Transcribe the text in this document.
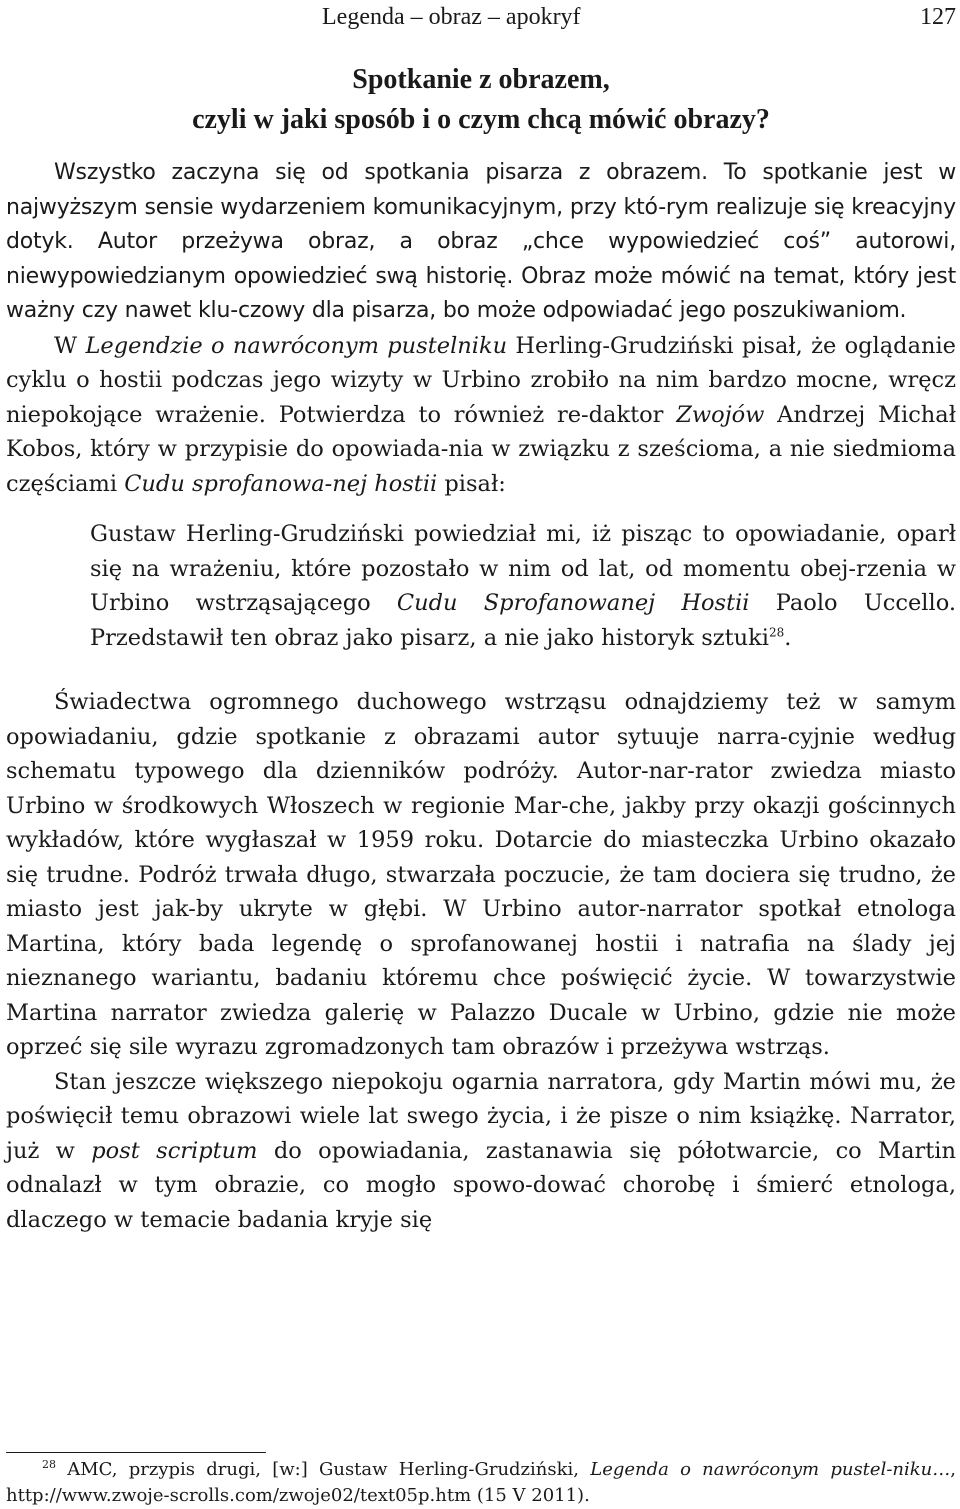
Legenda – obraz – apokryf	127
Spotkanie z obrazem,
czyli w jaki sposób i o czym chcą mówić obrazy?

Wszystko zaczyna się od spotkania pisarza z obrazem. To spotkanie jest w najwyższym sensie wydarzeniem komunikacyjnym, przy któ-rym realizuje się kreacyjny dotyk. Autor przeżywa obraz, a obraz „chce wypowiedzieć coś” autorowi, niewypowiedzianym opowiedzieć swą historię. Obraz może mówić na temat, który jest ważny czy nawet klu-czowy dla pisarza, bo może odpowiadać jego poszukiwaniom.

W Legendzie o nawróconym pustelniku Herling-Grudziński pisał, że oglądanie cyklu o hostii podczas jego wizyty w Urbino zrobiło na nim bardzo mocne, wręcz niepokojące wrażenie. Potwierdza to również re-daktor Zwojów Andrzej Michał Kobos, który w przypisie do opowiada-nia w związku z sześcioma, a nie siedmioma częściami Cudu sprofanowa-nej hostii pisał:

Gustaw Herling-Grudziński powiedział mi, iż pisząc to opowiadanie, oparł się na wrażeniu, które pozostało w nim od lat, od momentu obej-rzenia w Urbino wstrząsającego Cudu Sprofanowanej Hostii Paolo Uccello. Przedstawił ten obraz jako pisarz, a nie jako historyk sztuki$^{28}$.

Świadectwa ogromnego duchowego wstrząsu odnajdziemy też w samym opowiadaniu, gdzie spotkanie z obrazami autor sytuuje narra-cyjnie według schematu typowego dla dzienników podróży. Autor-nar-rator zwiedza miasto Urbino w środkowych Włoszech w regionie Mar-che, jakby przy okazji gościnnych wykładów, które wygłaszał w 1959 roku. Dotarcie do miasteczka Urbino okazało się trudne. Podróż trwała długo, stwarzała poczucie, że tam dociera się trudno, że miasto jest jak-by ukryte w głębi. W Urbino autor-narrator spotkał etnologa Martina, który bada legendę o sprofanowanej hostii i natrafia na ślady jej nieznanego wariantu, badaniu któremu chce poświęcić życie. W towarzystwie Martina narrator zwiedza galerię w Palazzo Ducale w Urbino, gdzie nie może oprzeć się sile wyrazu zgromadzonych tam obrazów i przeżywa wstrząs.

Stan jeszcze większego niepokoju ogarnia narratora, gdy Martin mówi mu, że poświęcił temu obrazowi wiele lat swego życia, i że pisze o nim książkę. Narrator, już w post scriptum do opowiadania, zastanawia się półotwarcie, co Martin odnalazł w tym obrazie, co mogło spowo-dować chorobę i śmierć etnologa, dlaczego w temacie badania kryje się

$^{28}$ AMC, przypis drugi, [w:] Gustaw Herling-Grudziński, Legenda o nawróconym pustel-niku…, http://www.zwoje-scrolls.com/zwoje02/text05p.htm (15 V 2011).
